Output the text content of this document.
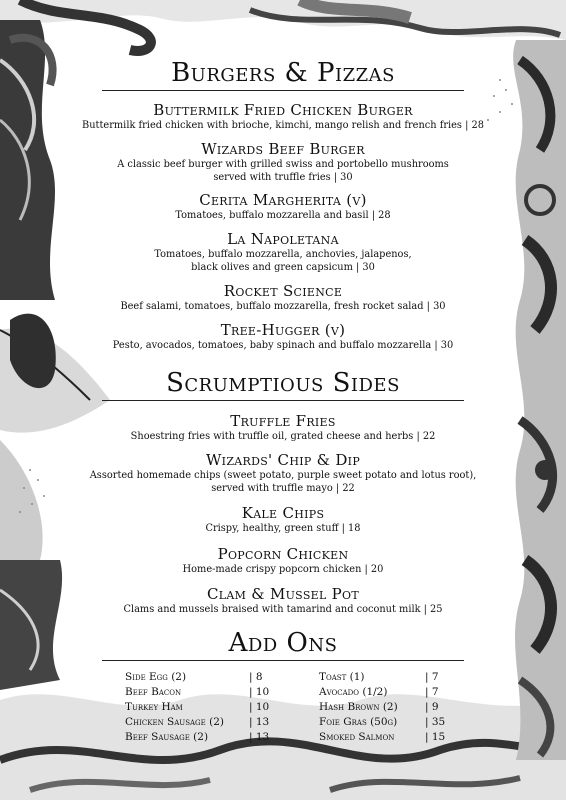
Burgers & Pizzas
Buttermilk Fried Chicken Burger
Buttermilk fried chicken with brioche, kimchi, mango relish and french fries | 28
Wizards Beef Burger
A classic beef burger with grilled swiss and portobello mushrooms
served with truffle fries | 30
Cerita Margherita (v)
Tomatoes, buffalo mozzarella and basil | 28
La Napoletana
Tomatoes, buffalo mozzarella, anchovies, jalapenos,
black olives and green capsicum | 30
Rocket Science
Beef salami, tomatoes, buffalo mozzarella, fresh rocket salad | 30
Tree-Hugger (v)
Pesto, avocados, tomatoes, baby spinach and buffalo mozzarella | 30
Scrumptious Sides
Truffle Fries
Shoestring fries with truffle oil, grated cheese and herbs | 22
Wizards' Chip & Dip
Assorted homemade chips (sweet potato, purple sweet potato and lotus root),
served with truffle mayo | 22
Kale Chips
Crispy, healthy, green stuff | 18
Popcorn Chicken
Home-made crispy popcorn chicken | 20
Clam & Mussel Pot
Clams and mussels braised with tamarind and coconut milk | 25
Add Ons
Side Egg (2)	| 8
Beef Bacon	| 10
Turkey Ham	| 10
Chicken Sausage (2)	| 13
Beef Sausage (2)	| 13
Toast (1)	| 7
Avocado (1/2)	| 7
Hash Brown (2)	| 9
Foie Gras (50g)	| 35
Smoked Salmon	| 15
